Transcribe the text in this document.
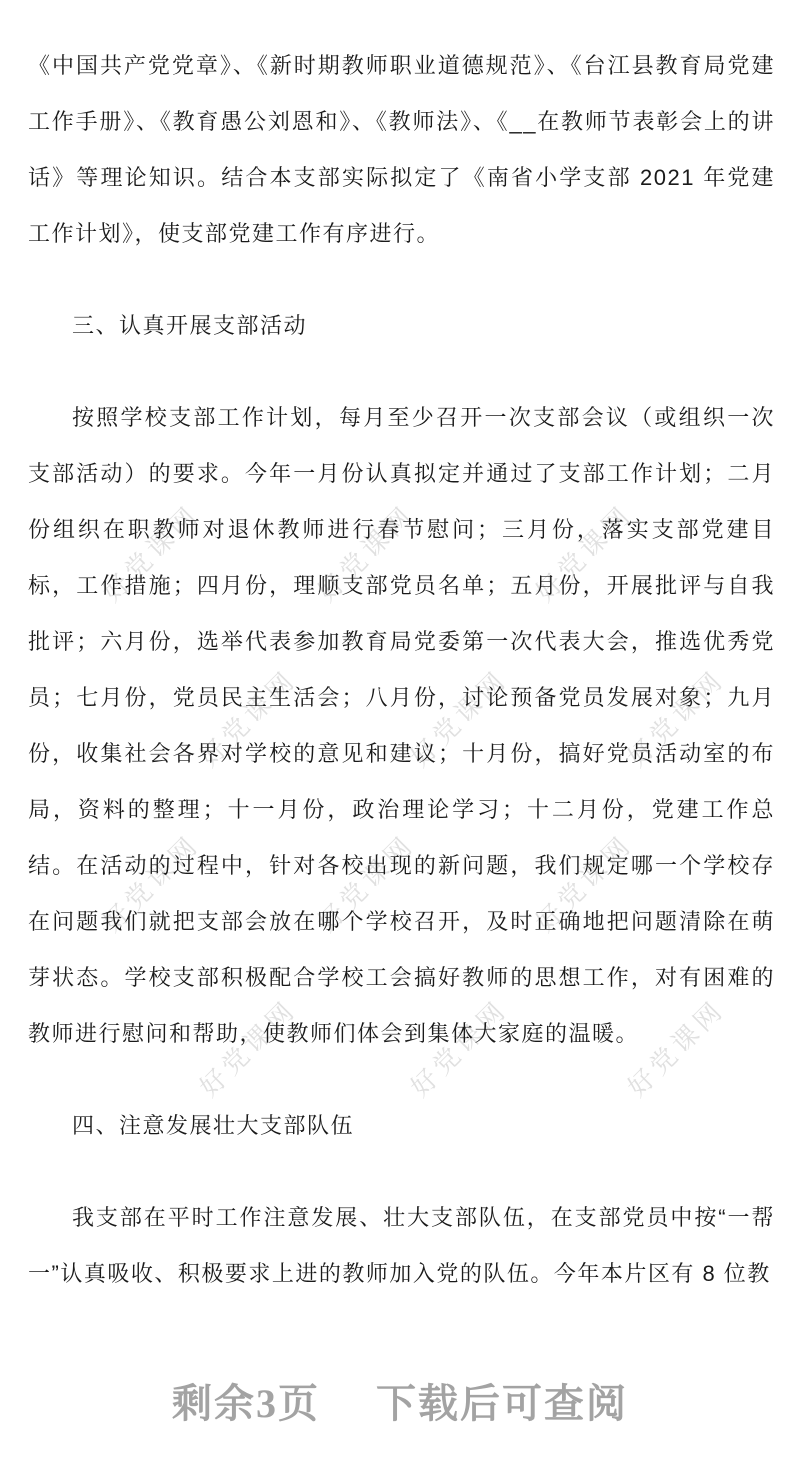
好党课网	好党课网	好党课网
好党课网	好党课网	好党课网
好党课网	好党课网	好党课网
好党课网	好党课网	好党课网

《中国共产党党章》、《新时期教师职业道德规范》、《台江县教育局党建工作手册》、《教育愚公刘恩和》、《教师法》、《__在教师节表彰会上的讲话》等理论知识。结合本支部实际拟定了《南省小学支部 2021 年党建工作计划》，使支部党建工作有序进行。

三、认真开展支部活动

按照学校支部工作计划，每月至少召开一次支部会议（或组织一次支部活动）的要求。今年一月份认真拟定并通过了支部工作计划；二月份组织在职教师对退休教师进行春节慰问；三月份，落实支部党建目标，工作措施；四月份，理顺支部党员名单；五月份，开展批评与自我批评；六月份，选举代表参加教育局党委第一次代表大会，推选优秀党员；七月份，党员民主生活会；八月份，讨论预备党员发展对象；九月份，收集社会各界对学校的意见和建议；十月份，搞好党员活动室的布局，资料的整理；十一月份，政治理论学习；十二月份，党建工作总结。在活动的过程中，针对各校出现的新问题，我们规定哪一个学校存在问题我们就把支部会放在哪个学校召开，及时正确地把问题清除在萌芽状态。学校支部积极配合学校工会搞好教师的思想工作，对有困难的教师进行慰问和帮助，使教师们体会到集体大家庭的温暖。

四、注意发展壮大支部队伍

我支部在平时工作注意发展、壮大支部队伍，在支部党员中按“一帮一”认真吸收、积极要求上进的教师加入党的队伍。今年本片区有 8 位教

剩余3页 下载后可查阅
